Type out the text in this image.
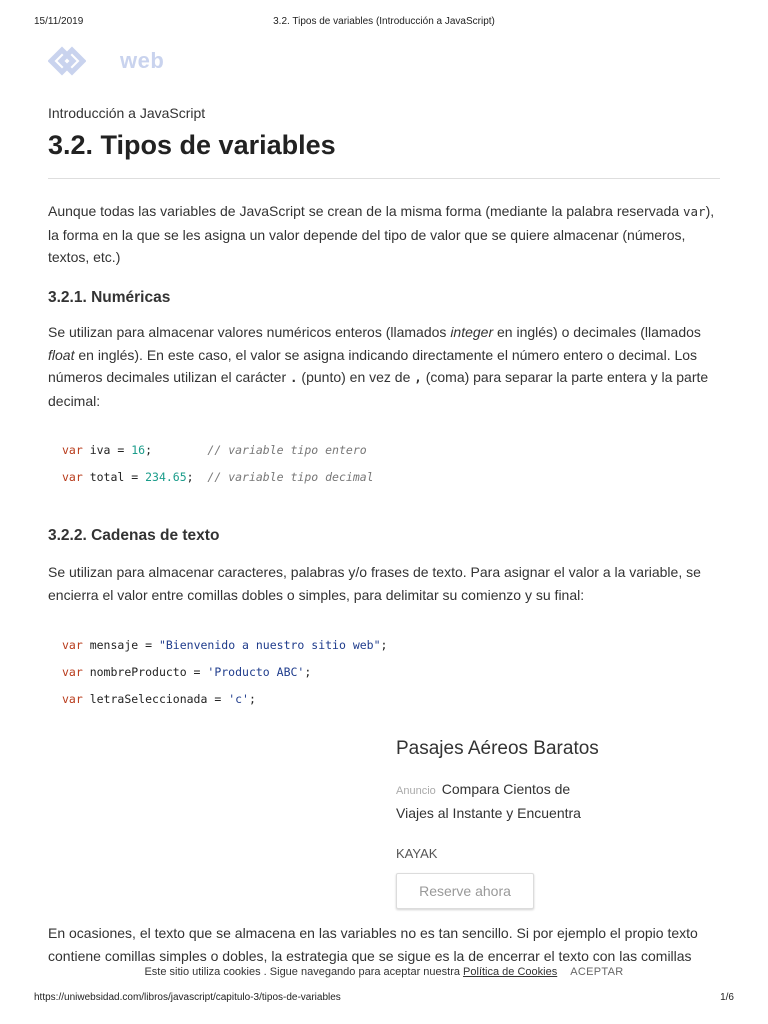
15/11/2019	3.2. Tipos de variables (Introducción a JavaScript)
web
Introducción a JavaScript
3.2. Tipos de variables

Aunque todas las variables de JavaScript se crean de la misma forma (mediante la palabra reservada var), la forma en la que se les asigna un valor depende del tipo de valor que se quiere almacenar (números, textos, etc.)

3.2.1. Numéricas

Se utilizan para almacenar valores numéricos enteros (llamados integer en inglés) o decimales (llamados float en inglés). En este caso, el valor se asigna indicando directamente el número entero o decimal. Los números decimales utilizan el carácter . (punto) en vez de , (coma) para separar la parte entera y la parte decimal:

var iva = 16;        // variable tipo entero
var total = 234.65;  // variable tipo decimal
3.2.2. Cadenas de texto

Se utilizan para almacenar caracteres, palabras y/o frases de texto. Para asignar el valor a la variable, se encierra el valor entre comillas dobles o simples, para delimitar su comienzo y su final:

var mensaje = "Bienvenido a nuestro sitio web";
var nombreProducto = 'Producto ABC';
var letraSeleccionada = 'c';

Pasajes Aéreos Baratos

Anuncio Compara Cientos de Viajes al Instante y Encuentra
KAYAK
Reserve ahora

En ocasiones, el texto que se almacena en las variables no es tan sencillo. Si por ejemplo el propio texto contiene comillas simples o dobles, la estrategia que se sigue es la de encerrar el texto con las comillas

Este sitio utiliza cookies . Sigue navegando para aceptar nuestra Política de Cookies ACEPTAR
https://uniwebsidad.com/libros/javascript/capitulo-3/tipos-de-variables	1/6
